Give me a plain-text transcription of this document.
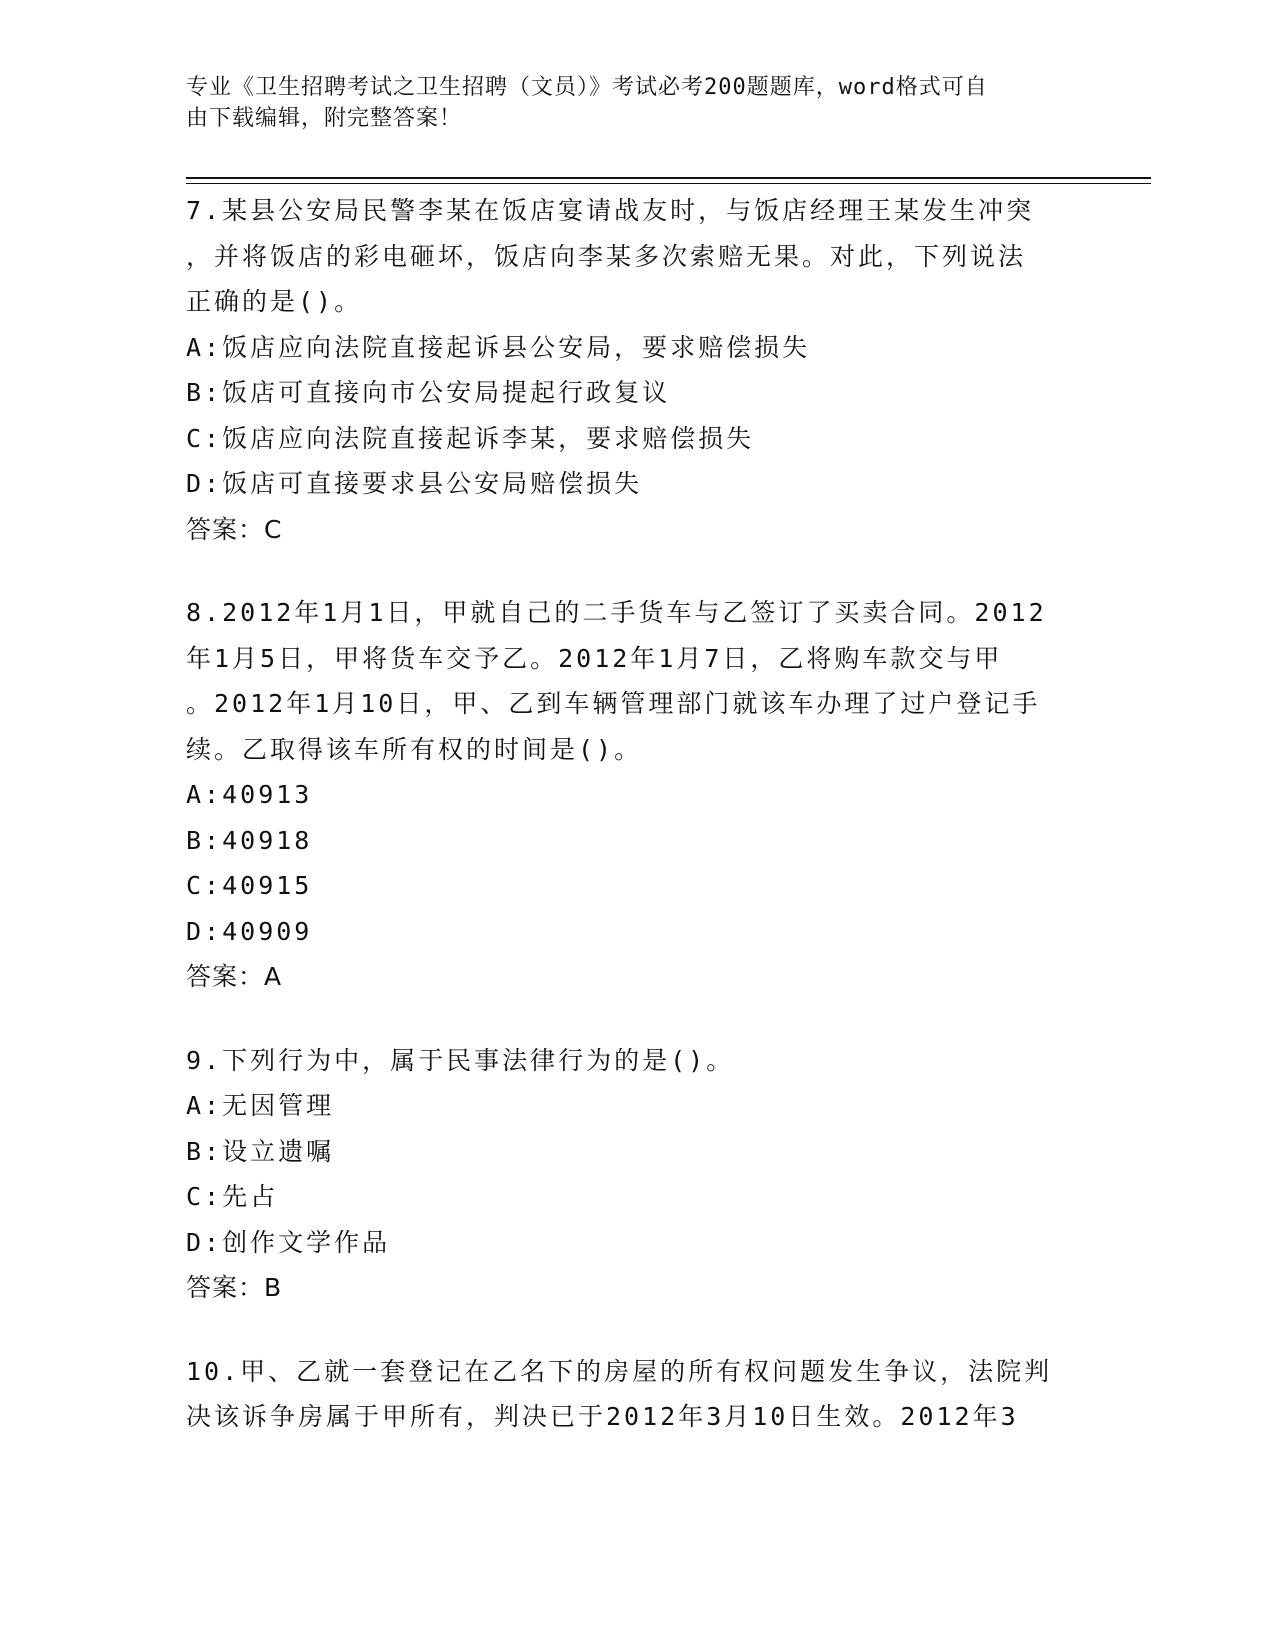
专业《卫生招聘考试之卫生招聘（文员）》考试必考200题题库，word格式可自
由下载编辑，附完整答案！
7.某县公安局民警李某在饭店宴请战友时，与饭店经理王某发生冲突
，并将饭店的彩电砸坏，饭店向李某多次索赔无果。对此，下列说法
正确的是()。
A:饭店应向法院直接起诉县公安局，要求赔偿损失
B:饭店可直接向市公安局提起行政复议
C:饭店应向法院直接起诉李某，要求赔偿损失
D:饭店可直接要求县公安局赔偿损失
答案：C
8.2012年1月1日，甲就自己的二手货车与乙签订了买卖合同。2012
年1月5日，甲将货车交予乙。2012年1月7日，乙将购车款交与甲
。2012年1月10日，甲、乙到车辆管理部门就该车办理了过户登记手
续。乙取得该车所有权的时间是()。
A:40913
B:40918
C:40915
D:40909
答案：A
9.下列行为中，属于民事法律行为的是()。
A:无因管理
B:设立遗嘱
C:先占
D:创作文学作品
答案：B
10.甲、乙就一套登记在乙名下的房屋的所有权问题发生争议，法院判
决该诉争房属于甲所有，判决已于2012年3月10日生效。2012年3
